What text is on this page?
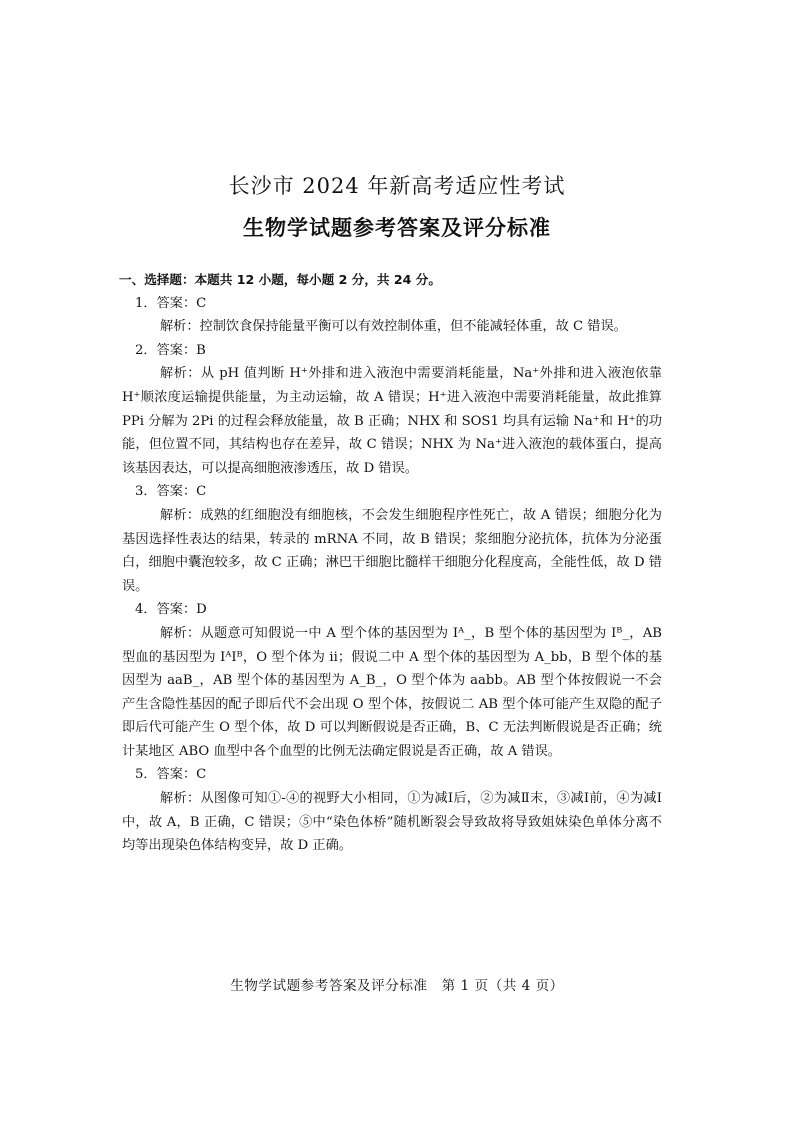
长沙市 2024 年新高考适应性考试
生物学试题参考答案及评分标准
一、选择题：本题共 12 小题，每小题 2 分，共 24 分。
1．答案：C

解析：控制饮食保持能量平衡可以有效控制体重，但不能减轻体重，故 C 错误。

2．答案：B

解析：从 pH 值判断 H⁺外排和进入液泡中需要消耗能量，Na⁺外排和进入液泡依靠 H⁺顺浓度运输提供能量，为主动运输，故 A 错误；H⁺进入液泡中需要消耗能量，故此推算 PPi 分解为 2Pi 的过程会释放能量，故 B 正确；NHX 和 SOS1 均具有运输 Na⁺和 H⁺的功能，但位置不同，其结构也存在差异，故 C 错误；NHX 为 Na⁺进入液泡的载体蛋白，提高该基因表达，可以提高细胞液渗透压，故 D 错误。

3．答案：C

解析：成熟的红细胞没有细胞核，不会发生细胞程序性死亡，故 A 错误；细胞分化为基因选择性表达的结果，转录的 mRNA 不同，故 B 错误；浆细胞分泌抗体，抗体为分泌蛋白，细胞中囊泡较多，故 C 正确；淋巴干细胞比髓样干细胞分化程度高，全能性低，故 D 错误。

4．答案：D

解析：从题意可知假说一中 A 型个体的基因型为 Iᴬ_，B 型个体的基因型为 Iᴮ_，AB 型血的基因型为 IᴬIᴮ，O 型个体为 ii；假说二中 A 型个体的基因型为 A_bb，B 型个体的基因型为 aaB_，AB 型个体的基因型为 A_B_，O 型个体为 aabb。AB 型个体按假说一不会产生含隐性基因的配子即后代不会出现 O 型个体，按假说二 AB 型个体可能产生双隐的配子即后代可能产生 O 型个体，故 D 可以判断假说是否正确，B、C 无法判断假说是否正确；统计某地区 ABO 血型中各个血型的比例无法确定假说是否正确，故 A 错误。

5．答案：C

解析：从图像可知①-④的视野大小相同，①为减Ⅰ后，②为减Ⅱ末，③减Ⅰ前，④为减Ⅰ中，故 A，B 正确，C 错误；⑤中“染色体桥”随机断裂会导致故将导致姐妹染色单体分离不均等出现染色体结构变异，故 D 正确。

生物学试题参考答案及评分标准　第 1 页（共 4 页）
